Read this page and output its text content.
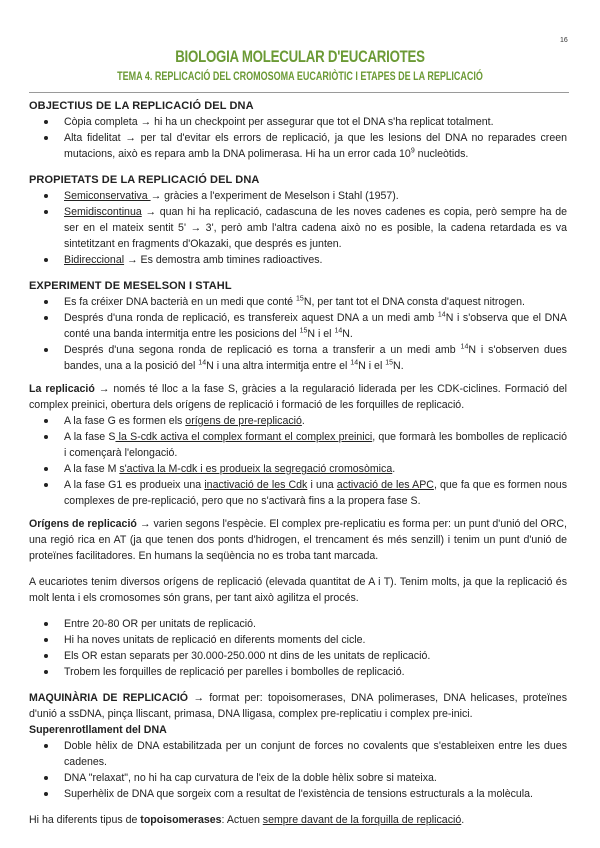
16
BIOLOGIA MOLECULAR D'EUCARIOTES
TEMA 4. REPLICACIÓ DEL CROMOSOMA EUCARIÒTIC I ETAPES DE LA REPLICACIÓ
OBJECTIUS DE LA REPLICACIÓ DEL DNA
Còpia completa → hi ha un checkpoint per assegurar que tot el DNA s'ha replicat totalment.
Alta fidelitat → per tal d'evitar els errors de replicació, ja que les lesions del DNA no reparades creen mutacions, això es repara amb la DNA polimerasa. Hi ha un error cada $10^9$ nucleòtids.
PROPIETATS DE LA REPLICACIÓ DEL DNA
Semiconservativa → gràcies a l'experiment de Meselson i Stahl (1957).
Semidiscontinua → quan hi ha replicació, cadascuna de les noves cadenes es copia, però sempre ha de ser en el mateix sentit 5' → 3', però amb l'altra cadena això no es posible, la cadena retardada es va sintetitzant en fragments d'Okazaki, que després es junten.
Bidireccional → Es demostra amb timines radioactives.
EXPERIMENT DE MESELSON I STAHL
Es fa créixer DNA bacterià en un medi que conté $^{15}$N, per tant tot el DNA consta d'aquest nitrogen.
Després d'una ronda de replicació, es transfereix aquest DNA a un medi amb $^{14}$N i s'observa que el DNA conté una banda intermitja entre les posicions del $^{15}$N i el $^{14}$N.
Després d'una segona ronda de replicació es torna a transferir a un medi amb $^{14}$N i s'observen dues bandes, una a la posició del $^{14}$N i una altra intermitja entre el $^{14}$N i el $^{15}$N.
La replicació → només té lloc a la fase S, gràcies a la regularació liderada per les CDK-ciclines. Formació del complex preinici, obertura dels orígens de replicació i formació de les forquilles de replicació.
A la fase G es formen els orígens de pre-replicació.
A la fase S la S-cdk activa el complex formant el complex preinici, que formarà les bombolles de replicació i començarà l'elongació.
A la fase M s'activa la M-cdk i es produeix la segregació cromosòmica.
A la fase G1 es produeix una inactivació de les Cdk i una activació de les APC, que fa que es formen nous complexes de pre-replicació, pero que no s'activarà fins a la propera fase S.
Orígens de replicació → varien segons l'espècie. El complex pre-replicatiu es forma per: un punt d'unió del ORC, una regió rica en AT (ja que tenen dos ponts d'hidrogen, el trencament és més senzill) i tenim un punt d'unió de proteïnes facilitadores. En humans la seqüència no es troba tant marcada.
A eucariotes tenim diversos orígens de replicació (elevada quantitat de A i T). Tenim molts, ja que la replicació és molt lenta i els cromosomes són grans, per tant això agilitza el procés.
Entre 20-80 OR per unitats de replicació.
Hi ha noves unitats de replicació en diferents moments del cicle.
Els OR estan separats per 30.000-250.000 nt dins de les unitats de replicació.
Trobem les forquilles de replicació per parelles i bombolles de replicació.
MAQUINÀRIA DE REPLICACIÓ → format per: topoisomerases, DNA polimerases, DNA helicases, proteïnes d'unió a ssDNA, pinça lliscant, primasa, DNA lligasa, complex pre-replicatiu i complex pre-inici.
Superenrotllament del DNA
Doble hèlix de DNA estabilitzada per un conjunt de forces no covalents que s'estableixen entre les dues cadenes.
DNA "relaxat", no hi ha cap curvatura de l'eix de la doble hèlix sobre si mateixa.
Superhèlix de DNA que sorgeix com a resultat de l'existència de tensions estructurals a la molècula.
Hi ha diferents tipus de topoisomerases: Actuen sempre davant de la forquilla de replicació.
